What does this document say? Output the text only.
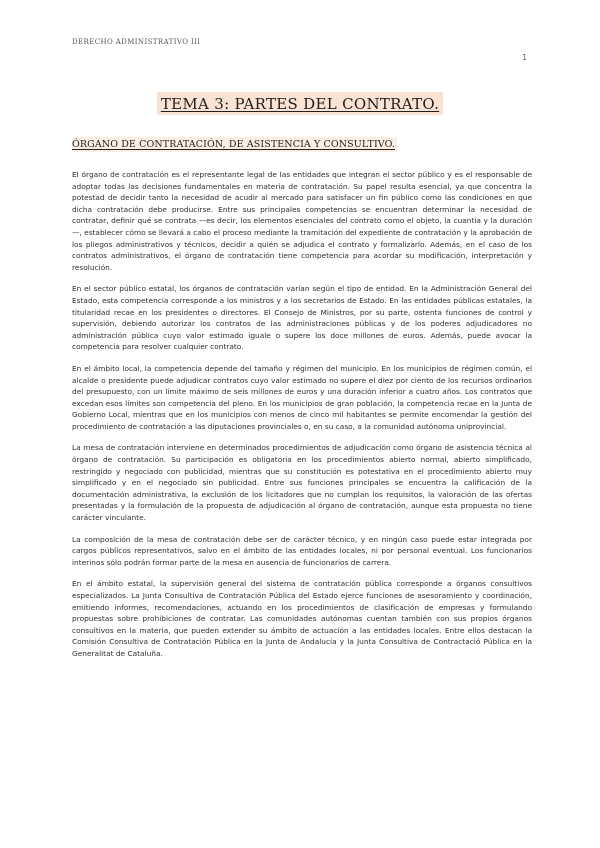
DERECHO ADMINISTRATIVO III
1
TEMA 3: PARTES DEL CONTRATO.
ÓRGANO DE CONTRATACIÓN, DE ASISTENCIA Y CONSULTIVO.

El órgano de contratación es el representante legal de las entidades que integran el sector público y es el responsable de adoptar todas las decisiones fundamentales en materia de contratación. Su papel resulta esencial, ya que concentra la potestad de decidir tanto la necesidad de acudir al mercado para satisfacer un fin público como las condiciones en que dicha contratación debe producirse. Entre sus principales competencias se encuentran determinar la necesidad de contratar, definir qué se contrata —es decir, los elementos esenciales del contrato como el objeto, la cuantía y la duración—, establecer cómo se llevará a cabo el proceso mediante la tramitación del expediente de contratación y la aprobación de los pliegos administrativos y técnicos, decidir a quién se adjudica el contrato y formalizarlo. Además, en el caso de los contratos administrativos, el órgano de contratación tiene competencia para acordar su modificación, interpretación y resolución.

En el sector público estatal, los órganos de contratación varían según el tipo de entidad. En la Administración General del Estado, esta competencia corresponde a los ministros y a los secretarios de Estado. En las entidades públicas estatales, la titularidad recae en los presidentes o directores. El Consejo de Ministros, por su parte, ostenta funciones de control y supervisión, debiendo autorizar los contratos de las administraciones públicas y de los poderes adjudicadores no administración pública cuyo valor estimado iguale o supere los doce millones de euros. Además, puede avocar la competencia para resolver cualquier contrato.

En el ámbito local, la competencia depende del tamaño y régimen del municipio. En los municipios de régimen común, el alcalde o presidente puede adjudicar contratos cuyo valor estimado no supere el diez por ciento de los recursos ordinarios del presupuesto, con un límite máximo de seis millones de euros y una duración inferior a cuatro años. Los contratos que excedan esos límites son competencia del pleno. En los municipios de gran población, la competencia recae en la Junta de Gobierno Local, mientras que en los municipios con menos de cinco mil habitantes se permite encomendar la gestión del procedimiento de contratación a las diputaciones provinciales o, en su caso, a la comunidad autónoma uniprovincial.

La mesa de contratación interviene en determinados procedimientos de adjudicación como órgano de asistencia técnica al órgano de contratación. Su participación es obligatoria en los procedimientos abierto normal, abierto simplificado, restringido y negociado con publicidad, mientras que su constitución es potestativa en el procedimiento abierto muy simplificado y en el negociado sin publicidad. Entre sus funciones principales se encuentra la calificación de la documentación administrativa, la exclusión de los licitadores que no cumplan los requisitos, la valoración de las ofertas presentadas y la formulación de la propuesta de adjudicación al órgano de contratación, aunque esta propuesta no tiene carácter vinculante.

La composición de la mesa de contratación debe ser de carácter técnico, y en ningún caso puede estar integrada por cargos públicos representativos, salvo en el ámbito de las entidades locales, ni por personal eventual. Los funcionarios interinos sólo podrán formar parte de la mesa en ausencia de funcionarios de carrera.

En el ámbito estatal, la supervisión general del sistema de contratación pública corresponde a órganos consultivos especializados. La Junta Consultiva de Contratación Pública del Estado ejerce funciones de asesoramiento y coordinación, emitiendo informes, recomendaciones, actuando en los procedimientos de clasificación de empresas y formulando propuestas sobre prohibiciones de contratar. Las comunidades autónomas cuentan también con sus propios órganos consultivos en la materia, que pueden extender su ámbito de actuación a las entidades locales. Entre ellos destacan la Comisión Consultiva de Contratación Pública en la Junta de Andalucía y la Junta Consultiva de Contractació Pública en la Generalitat de Cataluña.
